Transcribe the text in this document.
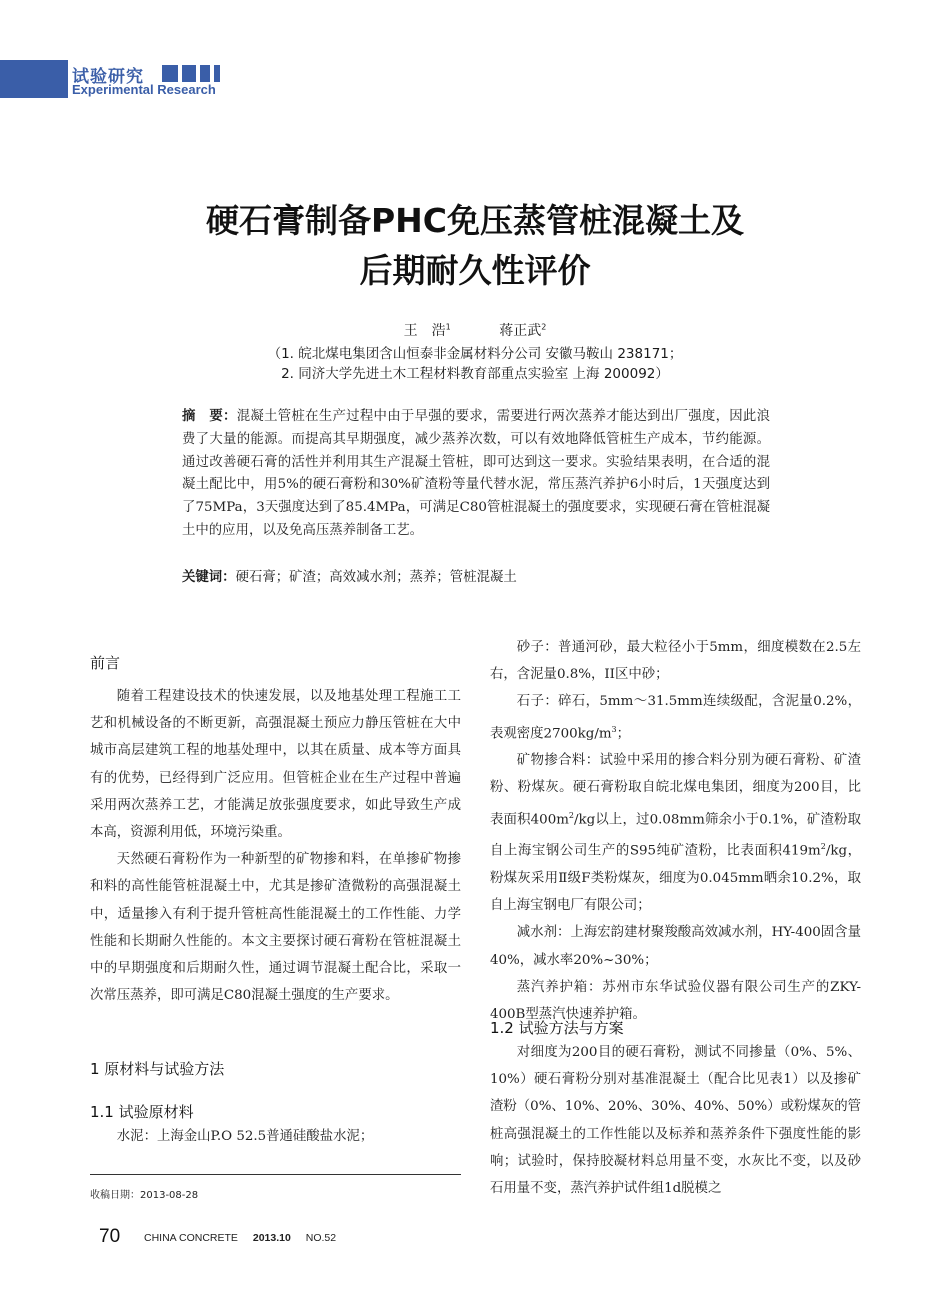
试验研究
Experimental Research
硬石膏制备PHC免压蒸管桩混凝土及
后期耐久性评价
王　浩$^1$	蒋正武$^2$
（1. 皖北煤电集团含山恒泰非金属材料分公司 安徽马鞍山 238171；
2. 同济大学先进土木工程材料教育部重点实验室 上海 200092）
摘　要：混凝土管桩在生产过程中由于早强的要求，需要进行两次蒸养才能达到出厂强度，因此浪费了大量的能源。而提高其早期强度，减少蒸养次数，可以有效地降低管桩生产成本，节约能源。通过改善硬石膏的活性并利用其生产混凝土管桩，即可达到这一要求。实验结果表明，在合适的混凝土配比中，用5%的硬石膏粉和30%矿渣粉等量代替水泥，常压蒸汽养护6小时后，1天强度达到了75MPa，3天强度达到了85.4MPa，可满足C80管桩混凝土的强度要求，实现硬石膏在管桩混凝土中的应用，以及免高压蒸养制备工艺。
关键词：硬石膏；矿渣；高效减水剂；蒸养；管桩混凝土
前言

随着工程建设技术的快速发展，以及地基处理工程施工工艺和机械设备的不断更新，高强混凝土预应力静压管桩在大中城市高层建筑工程的地基处理中，以其在质量、成本等方面具有的优势，已经得到广泛应用。但管桩企业在生产过程中普遍采用两次蒸养工艺，才能满足放张强度要求，如此导致生产成本高，资源利用低，环境污染重。

天然硬石膏粉作为一种新型的矿物掺和料，在单掺矿物掺和料的高性能管桩混凝土中，尤其是掺矿渣微粉的高强混凝土中，适量掺入有利于提升管桩高性能混凝土的工作性能、力学性能和长期耐久性能的。本文主要探讨硬石膏粉在管桩混凝土中的早期强度和后期耐久性，通过调节混凝土配合比，采取一次常压蒸养，即可满足C80混凝土强度的生产要求。

1 原材料与试验方法
1.1 试验原材料

水泥：上海金山P.O 52.5普通硅酸盐水泥；

砂子：普通河砂，最大粒径小于5mm，细度模数在2.5左右，含泥量0.8%，II区中砂；

石子：碎石，5mm～31.5mm连续级配，含泥量0.2%，表观密度$2700kg/m^3$；

矿物掺合料：试验中采用的掺合料分别为硬石膏粉、矿渣粉、粉煤灰。硬石膏粉取自皖北煤电集团，细度为200目，比表面积$400m^2/kg$以上，过0.08mm筛余小于0.1%，矿渣粉取自上海宝钢公司生产的S95纯矿渣粉，比表面积$419m^2/kg$，粉煤灰采用Ⅱ级F类粉煤灰，细度为0.045mm晒余10.2%，取自上海宝钢电厂有限公司；

减水剂：上海宏韵建材聚羧酸高效减水剂，HY-400固含量40%，减水率20%~30%；

蒸汽养护箱：苏州市东华试验仪器有限公司生产的ZKY-400B型蒸汽快速养护箱。

1.2 试验方法与方案

对细度为200目的硬石膏粉，测试不同掺量（0%、5%、10%）硬石膏粉分别对基准混凝土（配合比见表1）以及掺矿渣粉（0%、10%、20%、30%、40%、50%）或粉煤灰的管桩高强混凝土的工作性能以及标养和蒸养条件下强度性能的影响；试验时，保持胶凝材料总用量不变，水灰比不变，以及砂石用量不变，蒸汽养护试件组1d脱模之

收稿日期：2013-08-28
70 CHINA CONCRETE 2013.10 NO.52
